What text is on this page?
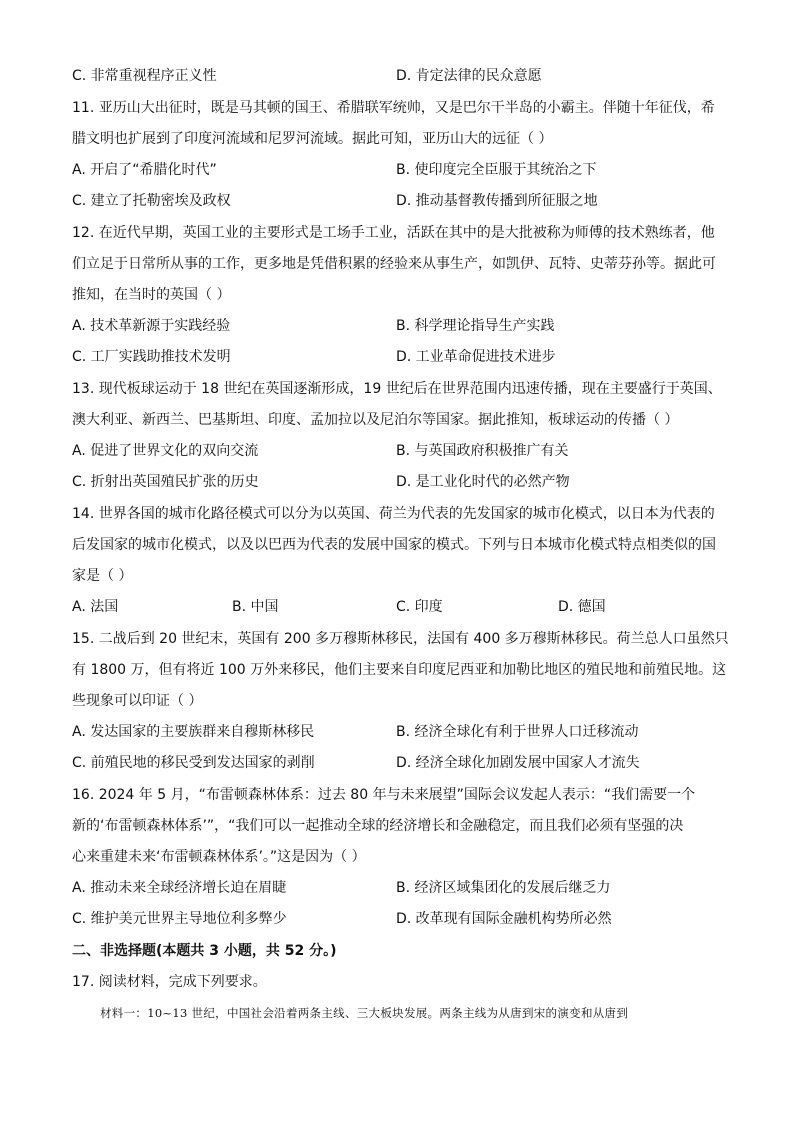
C. 非常重视程序正义性	D. 肯定法律的民众意愿
11. 亚历山大出征时，既是马其顿的国王、希腊联军统帅，又是巴尔干半岛的小霸主。伴随十年征伐，希
腊文明也扩展到了印度河流域和尼罗河流域。据此可知，亚历山大的远征（ ）
A. 开启了“希腊化时代”	B. 使印度完全臣服于其统治之下
C. 建立了托勒密埃及政权	D. 推动基督教传播到所征服之地
12. 在近代早期，英国工业的主要形式是工场手工业，活跃在其中的是大批被称为师傅的技术熟练者，他
们立足于日常所从事的工作，更多地是凭借积累的经验来从事生产，如凯伊、瓦特、史蒂芬孙等。据此可
推知，在当时的英国（ ）
A. 技术革新源于实践经验	B. 科学理论指导生产实践
C. 工厂实践助推技术发明	D. 工业革命促进技术进步
13. 现代板球运动于 18 世纪在英国逐渐形成，19 世纪后在世界范围内迅速传播，现在主要盛行于英国、
澳大利亚、新西兰、巴基斯坦、印度、孟加拉以及尼泊尔等国家。据此推知，板球运动的传播（ ）
A. 促进了世界文化的双向交流	B. 与英国政府积极推广有关
C. 折射出英国殖民扩张的历史	D. 是工业化时代的必然产物
14. 世界各国的城市化路径模式可以分为以英国、荷兰为代表的先发国家的城市化模式，以日本为代表的
后发国家的城市化模式，以及以巴西为代表的发展中国家的模式。下列与日本城市化模式特点相类似的国
家是（ ）
A. 法国	B. 中国	C. 印度	D. 德国
15. 二战后到 20 世纪末，英国有 200 多万穆斯林移民，法国有 400 多万穆斯林移民。荷兰总人口虽然只
有 1800 万，但有将近 100 万外来移民，他们主要来自印度尼西亚和加勒比地区的殖民地和前殖民地。这
些现象可以印证（ ）
A. 发达国家的主要族群来自穆斯林移民	B. 经济全球化有利于世界人口迁移流动
C. 前殖民地的移民受到发达国家的剥削	D. 经济全球化加剧发展中国家人才流失
16. 2024 年 5 月，“布雷顿森林体系：过去 80 年与未来展望”国际会议发起人表示：“我们需要一个
新的‘布雷顿森林体系’”，“我们可以一起推动全球的经济增长和金融稳定，而且我们必须有坚强的决
心来重建未来‘布雷顿森林体系’。”这是因为（ ）
A. 推动未来全球经济增长迫在眉睫	B. 经济区域集团化的发展后继乏力
C. 维护美元世界主导地位利多弊少	D. 改革现有国际金融机构势所必然
二、非选择题(本题共 3 小题，共 52 分。)
17. 阅读材料，完成下列要求。
材料一：10~13 世纪，中国社会沿着两条主线、三大板块发展。两条主线为从唐到宋的演变和从唐到
